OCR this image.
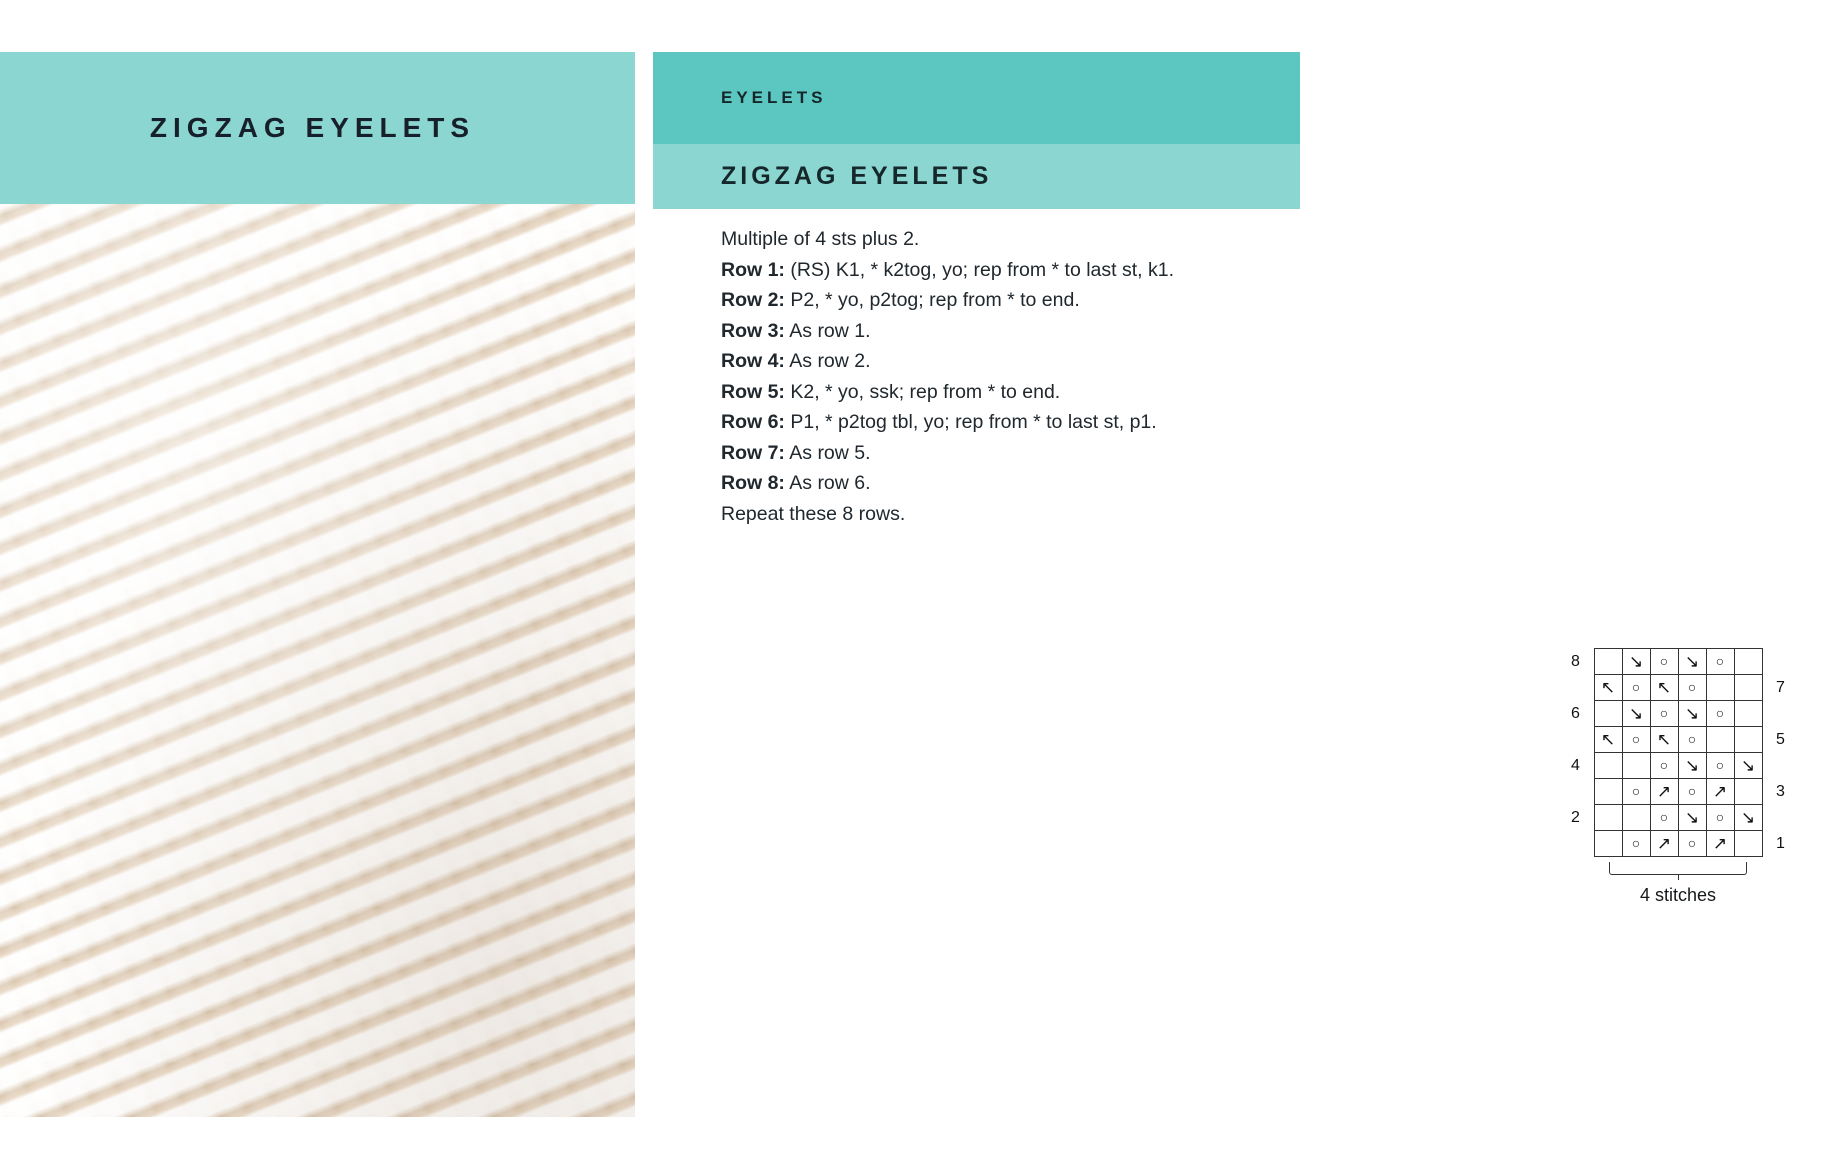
ZIGZAG EYELETS
EYELETS
ZIGZAG EYELETS

Multiple of 4 sts plus 2.

Row 1: (RS) K1, * k2tog, yo; rep from * to last st, k1.

Row 2: P2, * yo, p2tog; rep from * to end.

Row 3: As row 1.

Row 4: As row 2.

Row 5: K2, * yo, ssk; rep from * to end.

Row 6: P1, * p2tog tbl, yo; rep from * to last st, p1.

Row 7: As row 5.

Row 8: As row 6.

Repeat these 8 rows.

8		↘	○	↘	○		
	↖	○	↖	○			7
6		↘	○	↘	○		
	↖	○	↖	○			5
4			○	↘	○	↘	
		○	↗	○	↗		3
2			○	↘	○	↘	
		○	↗	○	↗		1
4 stitches
